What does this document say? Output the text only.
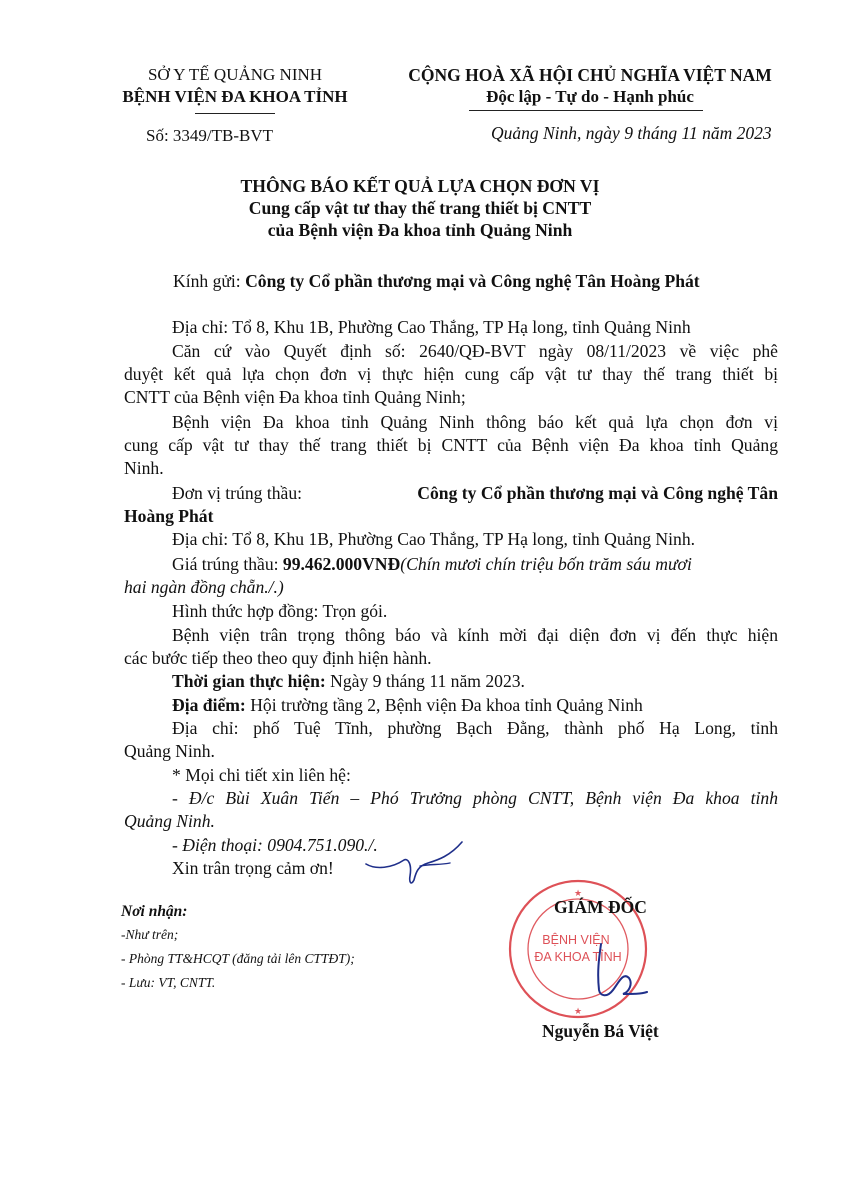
SỞ Y TẾ QUẢNG NINH
BỆNH VIỆN ĐA KHOA TỈNH
Số: 3349/TB-BVT
CỘNG HOÀ XÃ HỘI CHỦ NGHĨA VIỆT NAM
Độc lập - Tự do - Hạnh phúc
Quảng Ninh, ngày 9 tháng 11 năm 2023
THÔNG BÁO KẾT QUẢ LỰA CHỌN ĐƠN VỊ
Cung cấp vật tư thay thế trang thiết bị CNTT
của Bệnh viện Đa khoa tỉnh Quảng Ninh
Kính gửi: Công ty Cổ phần thương mại và Công nghệ Tân Hoàng Phát
Địa chỉ: Tổ 8, Khu 1B, Phường Cao Thắng, TP Hạ long, tỉnh Quảng Ninh
Căn cứ vào Quyết định số: 2640/QĐ-BVT ngày 08/11/2023 về việc phê
duyệt kết quả lựa chọn đơn vị thực hiện cung cấp vật tư thay thế trang thiết bị
CNTT của Bệnh viện Đa khoa tỉnh Quảng Ninh;
Bệnh viện Đa khoa tỉnh Quảng Ninh thông báo kết quả lựa chọn đơn vị
cung cấp vật tư thay thế trang thiết bị CNTT của Bệnh viện Đa khoa tỉnh Quảng
Ninh.
Đơn vị trúng thầu:	Công ty Cổ phần thương mại và Công nghệ Tân
Hoàng Phát
Địa chỉ: Tổ 8, Khu 1B, Phường Cao Thắng, TP Hạ long, tỉnh Quảng Ninh.
Giá trúng thầu: 99.462.000VNĐ(Chín mươi chín triệu bốn trăm sáu mươi
hai ngàn đồng chẵn./.)
Hình thức hợp đồng: Trọn gói.
Bệnh viện trân trọng thông báo và kính mời đại diện đơn vị đến thực hiện
các bước tiếp theo theo quy định hiện hành.
Thời gian thực hiện: Ngày 9 tháng 11 năm 2023.
Địa điểm: Hội trường tầng 2, Bệnh viện Đa khoa tỉnh Quảng Ninh
Địa chỉ: phố Tuệ Tĩnh, phường Bạch Đằng, thành phố Hạ Long, tỉnh
Quảng Ninh.
* Mọi chi tiết xin liên hệ:
- Đ/c Bùi Xuân Tiến – Phó Trưởng phòng CNTT, Bệnh viện Đa khoa tỉnh
Quảng Ninh.
- Điện thoại: 0904.751.090./.
Xin trân trọng cảm ơn!
Nơi nhận:
-Như trên;
- Phòng TT&HCQT (đăng tải lên CTTĐT);
- Lưu: VT, CNTT.
★
★
BỆNH VIỆN
ĐA KHOA TỈNH
GIÁM ĐỐC
Nguyễn Bá Việt
